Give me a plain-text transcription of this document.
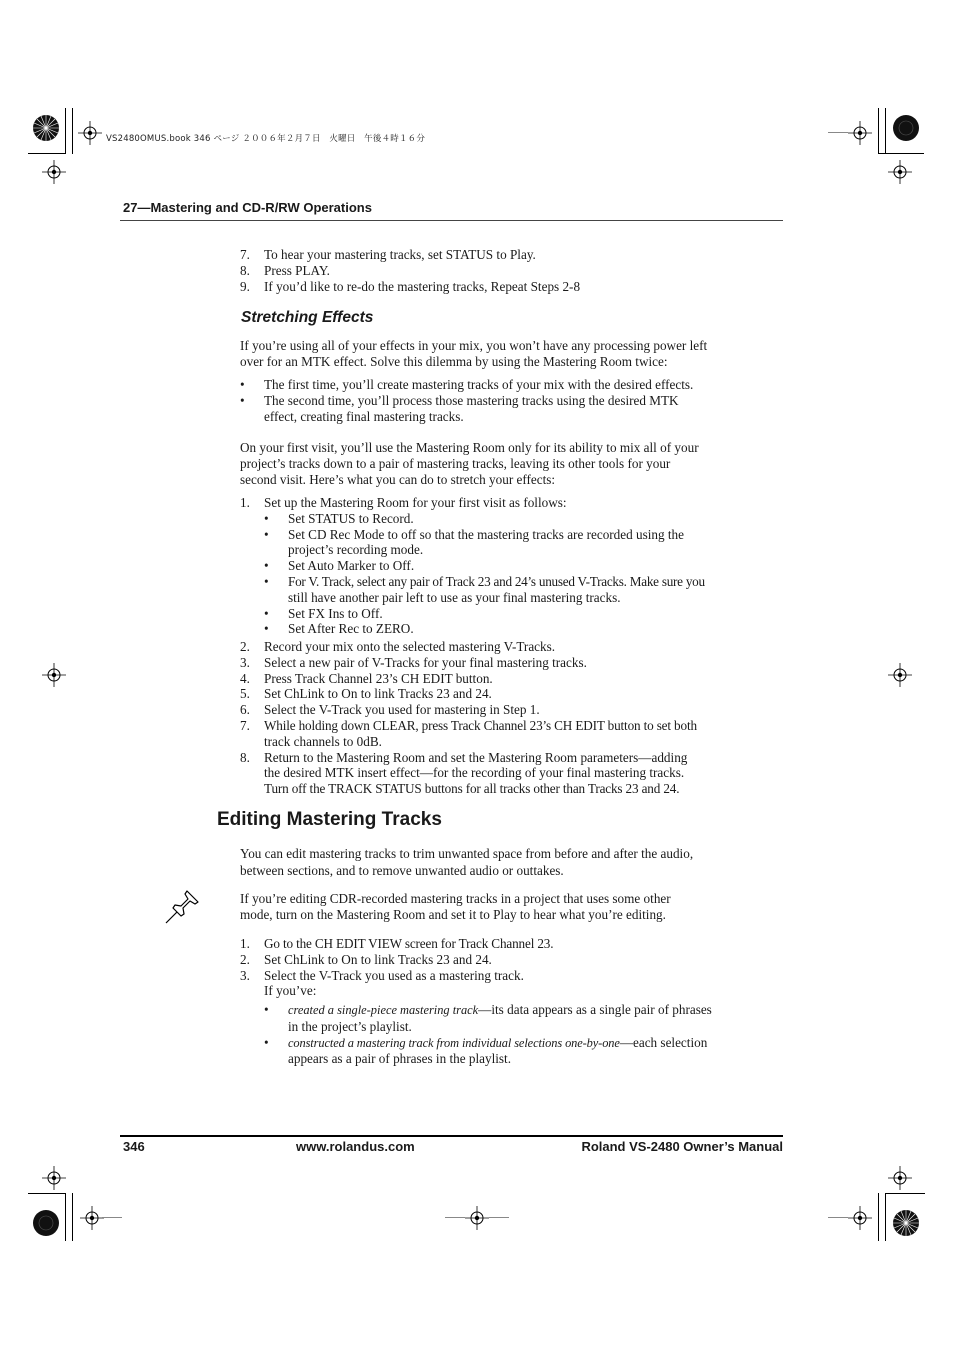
VS2480OMUS.book 346 ページ ２００６年２月７日　火曜日　午後４時１６分
27—Mastering and CD-R/RW Operations
7. To hear your mastering tracks, set STATUS to Play.
8. Press PLAY.
9. If you’d like to re-do the mastering tracks, Repeat Steps 2-8
Stretching Effects
If you’re using all of your effects in your mix, you won’t have any processing power left
over for an MTK effect. Solve this dilemma by using the Mastering Room twice:
• The first time, you’ll create mastering tracks of your mix with the desired effects.
• The second time, you’ll process those mastering tracks using the desired MTK
effect, creating final mastering tracks.
On your first visit, you’ll use the Mastering Room only for its ability to mix all of your
project’s tracks down to a pair of mastering tracks, leaving its other tools for your
second visit. Here’s what you can do to stretch your effects:
1. Set up the Mastering Room for your first visit as follows:
• Set STATUS to Record.
• Set CD Rec Mode to off so that the mastering tracks are recorded using the
project’s recording mode.
• Set Auto Marker to Off.
• For V. Track, select any pair of Track 23 and 24’s unused V-Tracks. Make sure you
still have another pair left to use as your final mastering tracks.
• Set FX Ins to Off.
• Set After Rec to ZERO.
2. Record your mix onto the selected mastering V-Tracks.
3. Select a new pair of V-Tracks for your final mastering tracks.
4. Press Track Channel 23’s CH EDIT button.
5. Set ChLink to On to link Tracks 23 and 24.
6. Select the V-Track you used for mastering in Step 1.
7. While holding down CLEAR, press Track Channel 23’s CH EDIT button to set both
track channels to 0dB.
8. Return to the Mastering Room and set the Mastering Room parameters—adding
the desired MTK insert effect—for the recording of your final mastering tracks.
Turn off the TRACK STATUS buttons for all tracks other than Tracks 23 and 24.
Editing Mastering Tracks
You can edit mastering tracks to trim unwanted space from before and after the audio,
between sections, and to remove unwanted audio or outtakes.
If you’re editing CDR-recorded mastering tracks in a project that uses some other
mode, turn on the Mastering Room and set it to Play to hear what you’re editing.
1. Go to the CH EDIT VIEW screen for Track Channel 23.
2. Set ChLink to On to link Tracks 23 and 24.
3. Select the V-Track you used as a mastering track.
If you’ve:
• created a single-piece mastering track—its data appears as a single pair of phrases
in the project’s playlist.
• constructed a mastering track from individual selections one-by-one—each selection
appears as a pair of phrases in the playlist.
346	www.rolandus.com	Roland VS-2480 Owner’s Manual
